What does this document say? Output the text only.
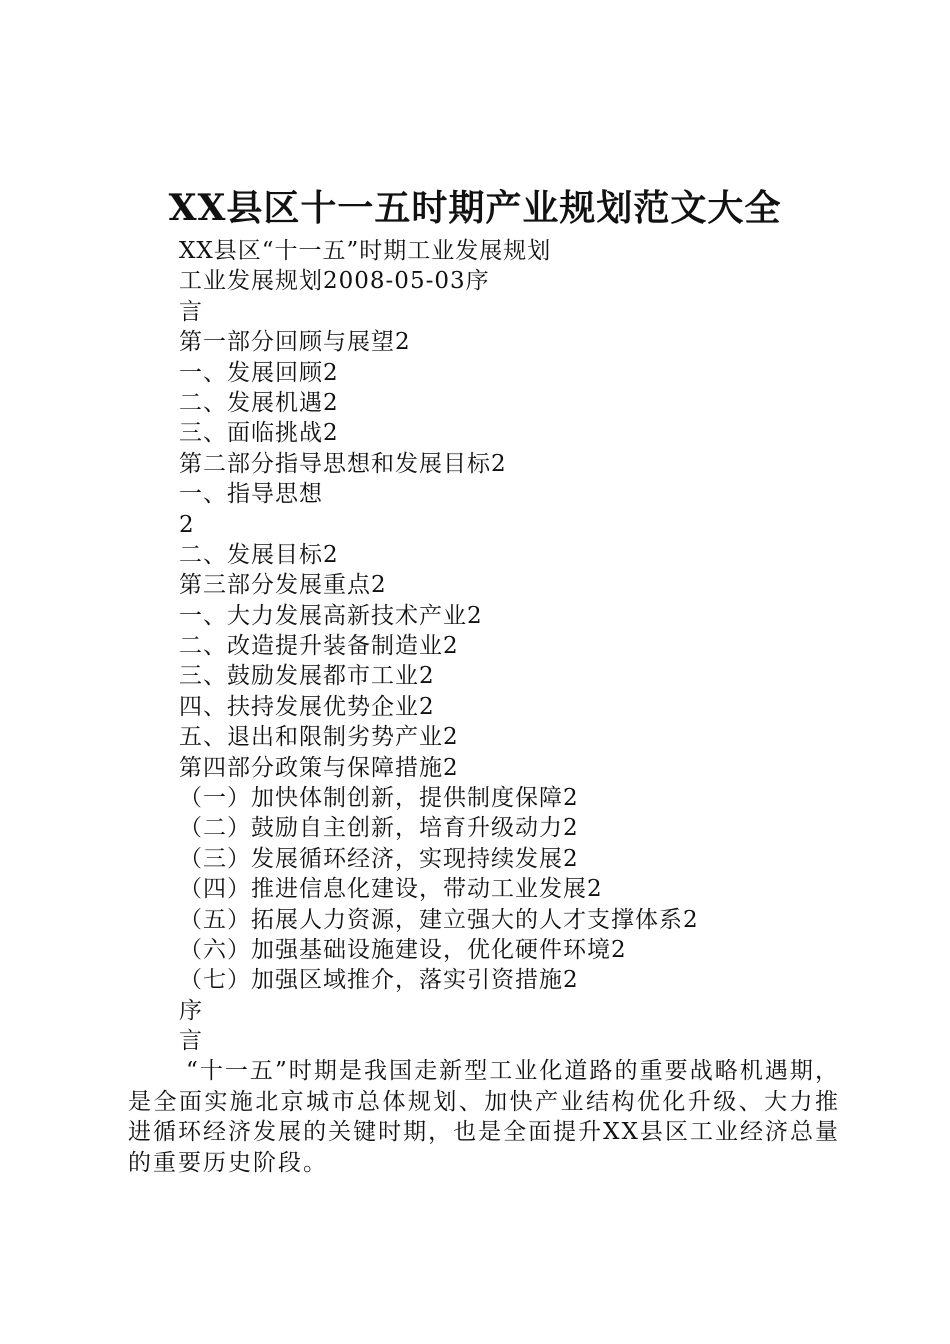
XX县区十一五时期产业规划范文大全
XX县区“十一五”时期工业发展规划
工业发展规划2008-05-03序
言
第一部分回顾与展望2
一、发展回顾2
二、发展机遇2
三、面临挑战2
第二部分指导思想和发展目标2
一、指导思想
2
二、发展目标2
第三部分发展重点2
一、大力发展高新技术产业2
二、改造提升装备制造业2
三、鼓励发展都市工业2
四、扶持发展优势企业2
五、退出和限制劣势产业2
第四部分政策与保障措施2
（一）加快体制创新，提供制度保障2
（二）鼓励自主创新，培育升级动力2
（三）发展循环经济，实现持续发展2
（四）推进信息化建设，带动工业发展2
（五）拓展人力资源，建立强大的人才支撑体系2
（六）加强基础设施建设，优化硬件环境2
（七）加强区域推介，落实引资措施2
序
言

“十一五”时期是我国走新型工业化道路的重要战略机遇期，是全面实施北京城市总体规划、加快产业结构优化升级、大力推进循环经济发展的关键时期，也是全面提升XX县区工业经济总量的重要历史阶段。
